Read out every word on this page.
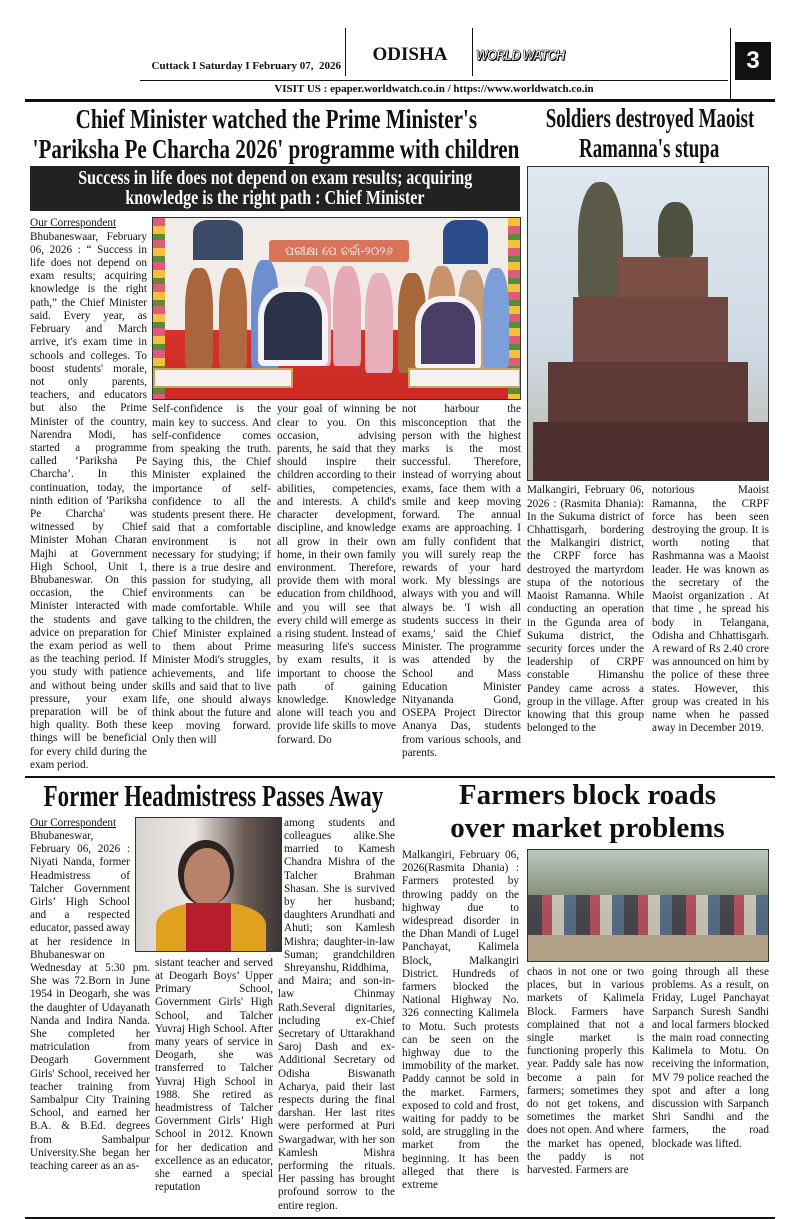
Cuttack I Saturday I February 07,  2026
ODISHA	WORLD WATCH	3
VISIT US : epaper.worldwatch.co.in / https://www.worldwatch.co.in
Chief Minister watched the Prime Minister's
'Pariksha Pe Charcha 2026' programme with children
Success in life does not depend on exam results; acquiring
knowledge is the right path : Chief Minister
Our Correspondent
Bhubaneswaar, February 06, 2026 : “ Success in life does not depend on exam results; acquiring knowledge is the right path,” the Chief Minister said. Every year, as February and March arrive, it's exam time in schools and colleges. To boost students' morale, not only parents, teachers, and educators but also the Prime Minister of the country, Narendra Modi, has started a programme called ‘Pariksha Pe Charcha’. In this continuation, today, the ninth edition of 'Pariksha Pe Charcha' was witnessed by Chief Minister Mohan Charan Majhi at Government High School, Unit 1, Bhubaneswar. On this occasion, the Chief Minister interacted with the students and gave advice on preparation for the exam period as well as the teaching period. If you study with patience and without being under pressure, your exam preparation will be of high quality. Both these things will be beneficial for every child during the exam period.
ପରୀକ୍ଷା ପେ ଚର୍ଚ୍ଚା-୨୦୨୬
Self-confidence is the main key to success. And self-confidence comes from speaking the truth. Saying this, the Chief Minister explained the importance of self-confidence to all the students present there. He said that a comfortable environment is not necessary for studying; if there is a true desire and passion for studying, all environments can be made comfortable. While talking to the children, the Chief Minister explained to them about Prime Minister Modi's struggles, achievements, and life skills and said that to live life, one should always think about the future and keep moving forward. Only then will
your goal of winning be clear to you. On this occasion, advising parents, he said that they should inspire their children according to their abilities, competencies, and interests. A child's character development, discipline, and knowledge all grow in their own home, in their own family environment. Therefore, provide them with moral education from childhood, and you will see that every child will emerge as a rising student. Instead of measuring life's success by exam results, it is important to choose the path of gaining knowledge. Knowledge alone will teach you and provide life skills to move forward. Do
not harbour the misconception that the person with the highest marks is the most successful. Therefore, instead of worrying about exams, face them with a smile and keep moving forward. The annual exams are approaching. I am fully confident that you will surely reap the rewards of your hard work. My blessings are always with you and will always be. 'I wish all students success in their exams,' said the Chief Minister. The programme was attended by the School and Mass Education Minister Nityananda Gond, OSEPA Project Director Ananya Das, students from various schools, and parents.
Soldiers destroyed Maoist
Ramanna's stupa
Malkangiri, February 06, 2026 : (Rasmita Dhania): In the Sukuma district of Chhattisgarh, bordering the Malkangiri district, the CRPF force has destroyed the martyrdom stupa of the notorious Maoist Ramanna. While conducting an operation in the Ggunda area of Sukuma district, the security forces under the leadership of CRPF constable Himanshu Pandey came across a group in the village. After knowing that this group belonged to the
notorious Maoist Ramanna, the CRPF force has been seen destroying the group. It is worth noting that Rashmanna was a Maoist leader. He was known as the secretary of the Maoist organization . At that time , he spread his body in Telangana, Odisha and Chhattisgarh. A reward of Rs 2.40 crore was announced on him by the police of these three states. However, this group was created in his name when he passed away in December 2019.
Former Headmistress Passes Away
Our Correspondent
Bhubaneswar, February 06, 2026 : Niyati Nanda, former Headmistress of Talcher Government Girls’ High School and a respected educator, passed away at her residence in Bhubaneswar on
Wednesday at 5:30 pm. She was 72.Born in June 1954 in Deogarh, she was the daughter of Udayanath Nanda and Indira Nanda. She completed her matriculation from Deogarh Government Girls' School, received her teacher training from Sambalpur City Training School, and earned her B.A. & B.Ed. degrees from Sambalpur University.She began her teaching career as an as-
sistant teacher and served at Deogarh Boys’ Upper Primary School, Government Girls' High School, and Talcher Yuvraj High School. After many years of service in Deogarh, she was transferred to Talcher Yuvraj High School in 1988. She retired as headmistress of Talcher Government Girls’ High School in 2012. Known for her dedication and excellence as an educator, she earned a special reputation
among students and colleagues alike.She married to Kamesh Chandra Mishra of the Talcher Brahman Shasan. She is survived by her husband; daughters Arundhati and Ahuti; son Kamlesh Mishra; daughter-in-law Suman; grandchildren Shreyanshu, Riddhima,
and Maira; and son-in-law Chinmay Rath.Several dignitaries, including ex-Chief Secretary of Uttarakhand Saroj Dash and ex-Additional Secretary od Odisha Biswanath Acharya, paid their last respects during the final darshan. Her last rites were performed at Puri Swargadwar, with her son Kamlesh Mishra performing the rituals. Her passing has brought profound sorrow to the entire region.
Farmers block roads
over market problems
Malkangiri, February 06, 2026(Rasmita Dhania) : Farmers protested by throwing paddy on the highway due to widespread disorder in the Dhan Mandi of Lugel Panchayat, Kalimela Block, Malkangiri District. Hundreds of farmers blocked the National Highway No. 326 connecting Kalimela to Motu. Such protests can be seen on the highway due to the immobility of the market. Paddy cannot be sold in the market. Farmers, exposed to cold and frost, waiting for paddy to be sold, are struggling in the market from the beginning. It has been alleged that there is extreme
chaos in not one or two places, but in various markets of Kalimela Block. Farmers have complained that not a single market is functioning properly this year. Paddy sale has now become a pain for farmers; sometimes they do not get tokens, and sometimes the market does not open. And where the market has opened, the paddy is not harvested. Farmers are
going through all these problems. As a result, on Friday, Lugel Panchayat Sarpanch Suresh Sandhi and local farmers blocked the main road connecting Kalimela to Motu. On receiving the information, MV 79 police reached the spot and after a long discussion with Sarpanch Shri Sandhi and the farmers, the road blockade was lifted.
